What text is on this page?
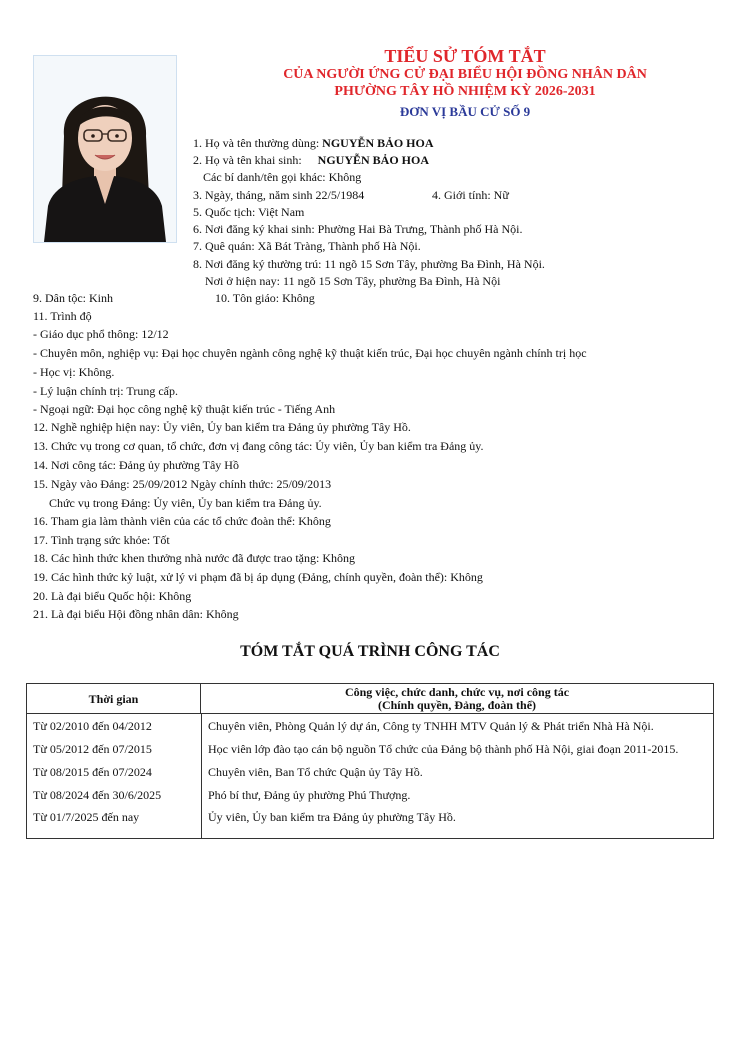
TIỂU SỬ TÓM TẮT
CỦA NGƯỜI ỨNG CỬ ĐẠI BIỂU HỘI ĐỒNG NHÂN DÂN
PHƯỜNG TÂY HỒ NHIỆM KỲ 2026-2031
ĐƠN VỊ BẦU CỬ SỐ 9
1. Họ và tên thường dùng: NGUYỄN BẢO HOA
2. Họ và tên khai sinh: NGUYỄN BẢO HOA
Các bí danh/tên gọi khác: Không
3. Ngày, tháng, năm sinh 22/5/1984	4. Giới tính: Nữ
5. Quốc tịch: Việt Nam
6. Nơi đăng ký khai sinh: Phường Hai Bà Trưng, Thành phố Hà Nội.
7. Quê quán: Xã Bát Tràng, Thành phố Hà Nội.
8. Nơi đăng ký thường trú: 11 ngõ 15 Sơn Tây, phường Ba Đình, Hà Nội.
Nơi ở hiện nay: 11 ngõ 15 Sơn Tây, phường Ba Đình, Hà Nội
9. Dân tộc: Kinh	10. Tôn giáo: Không
11. Trình độ
- Giáo dục phổ thông: 12/12
- Chuyên môn, nghiệp vụ: Đại học chuyên ngành công nghệ kỹ thuật kiến trúc, Đại học chuyên ngành chính trị học
- Học vị: Không.
- Lý luận chính trị: Trung cấp.
- Ngoại ngữ: Đại học công nghệ kỹ thuật kiến trúc - Tiếng Anh
12. Nghề nghiệp hiện nay: Ủy viên, Ủy ban kiểm tra Đảng ủy phường Tây Hồ.
13. Chức vụ trong cơ quan, tổ chức, đơn vị đang công tác: Ủy viên, Ủy ban kiểm tra Đảng ủy.
14. Nơi công tác: Đảng ủy phường Tây Hồ
15. Ngày vào Đảng: 25/09/2012 Ngày chính thức: 25/09/2013
Chức vụ trong Đảng: Ủy viên, Ủy ban kiểm tra Đảng ủy.
16. Tham gia làm thành viên của các tổ chức đoàn thể: Không
17. Tình trạng sức khỏe: Tốt
18. Các hình thức khen thưởng nhà nước đã được trao tặng: Không
19. Các hình thức kỷ luật, xử lý vi phạm đã bị áp dụng (Đảng, chính quyền, đoàn thể): Không
20. Là đại biểu Quốc hội: Không
21. Là đại biểu Hội đồng nhân dân: Không
TÓM TẮT QUÁ TRÌNH CÔNG TÁC
Thời gian	Công việc, chức danh, chức vụ, nơi công tác
(Chính quyền, Đảng, đoàn thể)
Từ 02/2010 đến 04/2012	Chuyên viên, Phòng Quản lý dự án, Công ty TNHH MTV Quản lý & Phát triển Nhà Hà Nội.
Từ 05/2012 đến 07/2015	Học viên lớp đào tạo cán bộ nguồn Tổ chức của Đảng bộ thành phố Hà Nội, giai đoạn 2011-2015.
Từ 08/2015 đến 07/2024	Chuyên viên, Ban Tổ chức Quận ủy Tây Hồ.
Từ 08/2024 đến 30/6/2025	Phó bí thư, Đảng ủy phường Phú Thượng.
Từ 01/7/2025 đến nay	Ủy viên, Ủy ban kiểm tra Đảng ủy phường Tây Hồ.
